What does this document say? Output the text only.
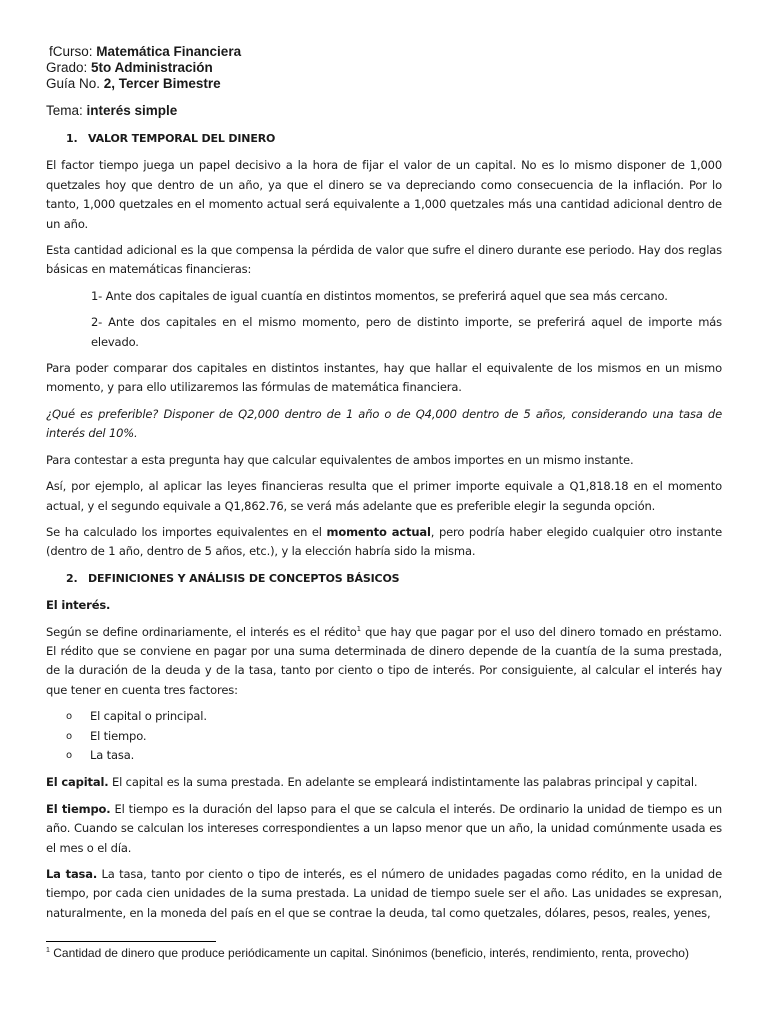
fCurso: Matemática Financiera
Grado: 5to Administración
Guía No. 2, Tercer Bimestre
Tema: interés simple
1. VALOR TEMPORAL DEL DINERO

El factor tiempo juega un papel decisivo a la hora de fijar el valor de un capital. No es lo mismo disponer de 1,000 quetzales hoy que dentro de un año, ya que el dinero se va depreciando como consecuencia de la inflación. Por lo tanto, 1,000 quetzales en el momento actual será equivalente a 1,000 quetzales más una cantidad adicional dentro de un año.

Esta cantidad adicional es la que compensa la pérdida de valor que sufre el dinero durante ese periodo. Hay dos reglas básicas en matemáticas financieras:

1- Ante dos capitales de igual cuantía en distintos momentos, se preferirá aquel que sea más cercano.

2- Ante dos capitales en el mismo momento, pero de distinto importe, se preferirá aquel de importe más elevado.

Para poder comparar dos capitales en distintos instantes, hay que hallar el equivalente de los mismos en un mismo momento, y para ello utilizaremos las fórmulas de matemática financiera.

¿Qué es preferible? Disponer de Q2,000 dentro de 1 año o de Q4,000 dentro de 5 años, considerando una tasa de interés del 10%.

Para contestar a esta pregunta hay que calcular equivalentes de ambos importes en un mismo instante.

Así, por ejemplo, al aplicar las leyes financieras resulta que el primer importe equivale a Q1,818.18 en el momento actual, y el segundo equivale a Q1,862.76, se verá más adelante que es preferible elegir la segunda opción.

Se ha calculado los importes equivalentes en el momento actual, pero podría haber elegido cualquier otro instante (dentro de 1 año, dentro de 5 años, etc.), y la elección habría sido la misma.

2. DEFINICIONES Y ANÁLISIS DE CONCEPTOS BÁSICOS

El interés.

Según se define ordinariamente, el interés es el rédito$^1$ que hay que pagar por el uso del dinero tomado en préstamo. El rédito que se conviene en pagar por una suma determinada de dinero depende de la cuantía de la suma prestada, de la duración de la deuda y de la tasa, tanto por ciento o tipo de interés. Por consiguiente, al calcular el interés hay que tener en cuenta tres factores:

o	El capital o principal.
o	El tiempo.
o	La tasa.

El capital. El capital es la suma prestada. En adelante se empleará indistintamente las palabras principal y capital.

El tiempo. El tiempo es la duración del lapso para el que se calcula el interés. De ordinario la unidad de tiempo es un año. Cuando se calculan los intereses correspondientes a un lapso menor que un año, la unidad comúnmente usada es el mes o el día.

La tasa. La tasa, tanto por ciento o tipo de interés, es el número de unidades pagadas como rédito, en la unidad de tiempo, por cada cien unidades de la suma prestada. La unidad de tiempo suele ser el año. Las unidades se expresan, naturalmente, en la moneda del país en el que se contrae la deuda, tal como quetzales, dólares, pesos, reales, yenes,

$^1$ Cantidad de dinero que produce periódicamente un capital. Sinónimos (beneficio, interés, rendimiento, renta, provecho)
